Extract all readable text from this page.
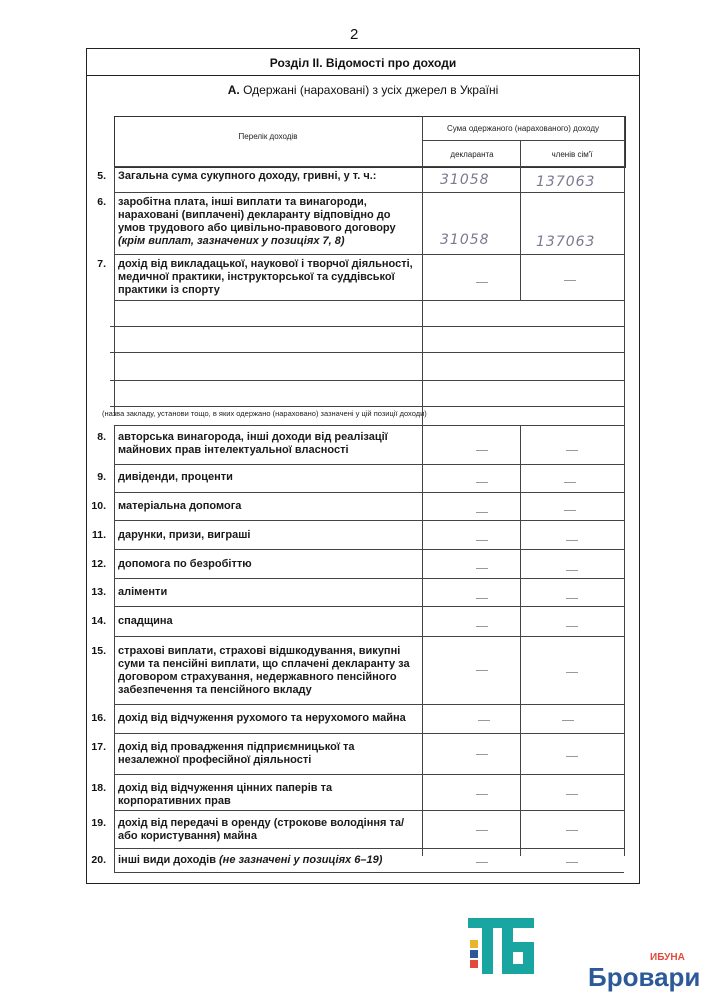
2
Розділ II. Відомості про доходи
А. Одержані (нараховані) з усіх джерел в Україні
Перелік доходів
Сума одержаного (нарахованого) доходу
декларанта	членів сім'ї
(назва закладу, установи тощо, в яких одержано (нараховано) зазначені у цій позиції доходи)
5. Загальна сума сукупного доходу, гривні, у т. ч.:	31058	137063
6. заробітна плата, інші виплати та винагороди, нараховані (виплачені) декларанту відповідно до умов трудового або цивільно-правового договору (крім виплат, зазначених у позиціях 7, 8)	31058	137063
7. дохід від викладацької, наукової і творчої діяльності, медичної практики, інструкторської та суддівської практики із спорту
8. авторська винагорода, інші доходи від реалізації майнових прав інтелектуальної власності
9. дивіденди, проценти
10. матеріальна допомога
11. дарунки, призи, виграші
12. допомога по безробіттю
13. аліменти
14. спадщина
15. страхові виплати, страхові відшкодування, викупні суми та пенсійні виплати, що сплачені декларанту за договором страхування, недержавного пенсійного забезпечення та пенсійного вкладу
16. дохід від відчуження рухомого та нерухомого майна
17. дохід від провадження підприємницької та незалежної професійної діяльності
18. дохід від відчуження цінних паперів та корпоративних прав
19. дохід від передачі в оренду (строкове володіння та/або користування) майна
20. інші види доходів (не зазначені у позиціях 6–19)
ИБУНА
Бровари
